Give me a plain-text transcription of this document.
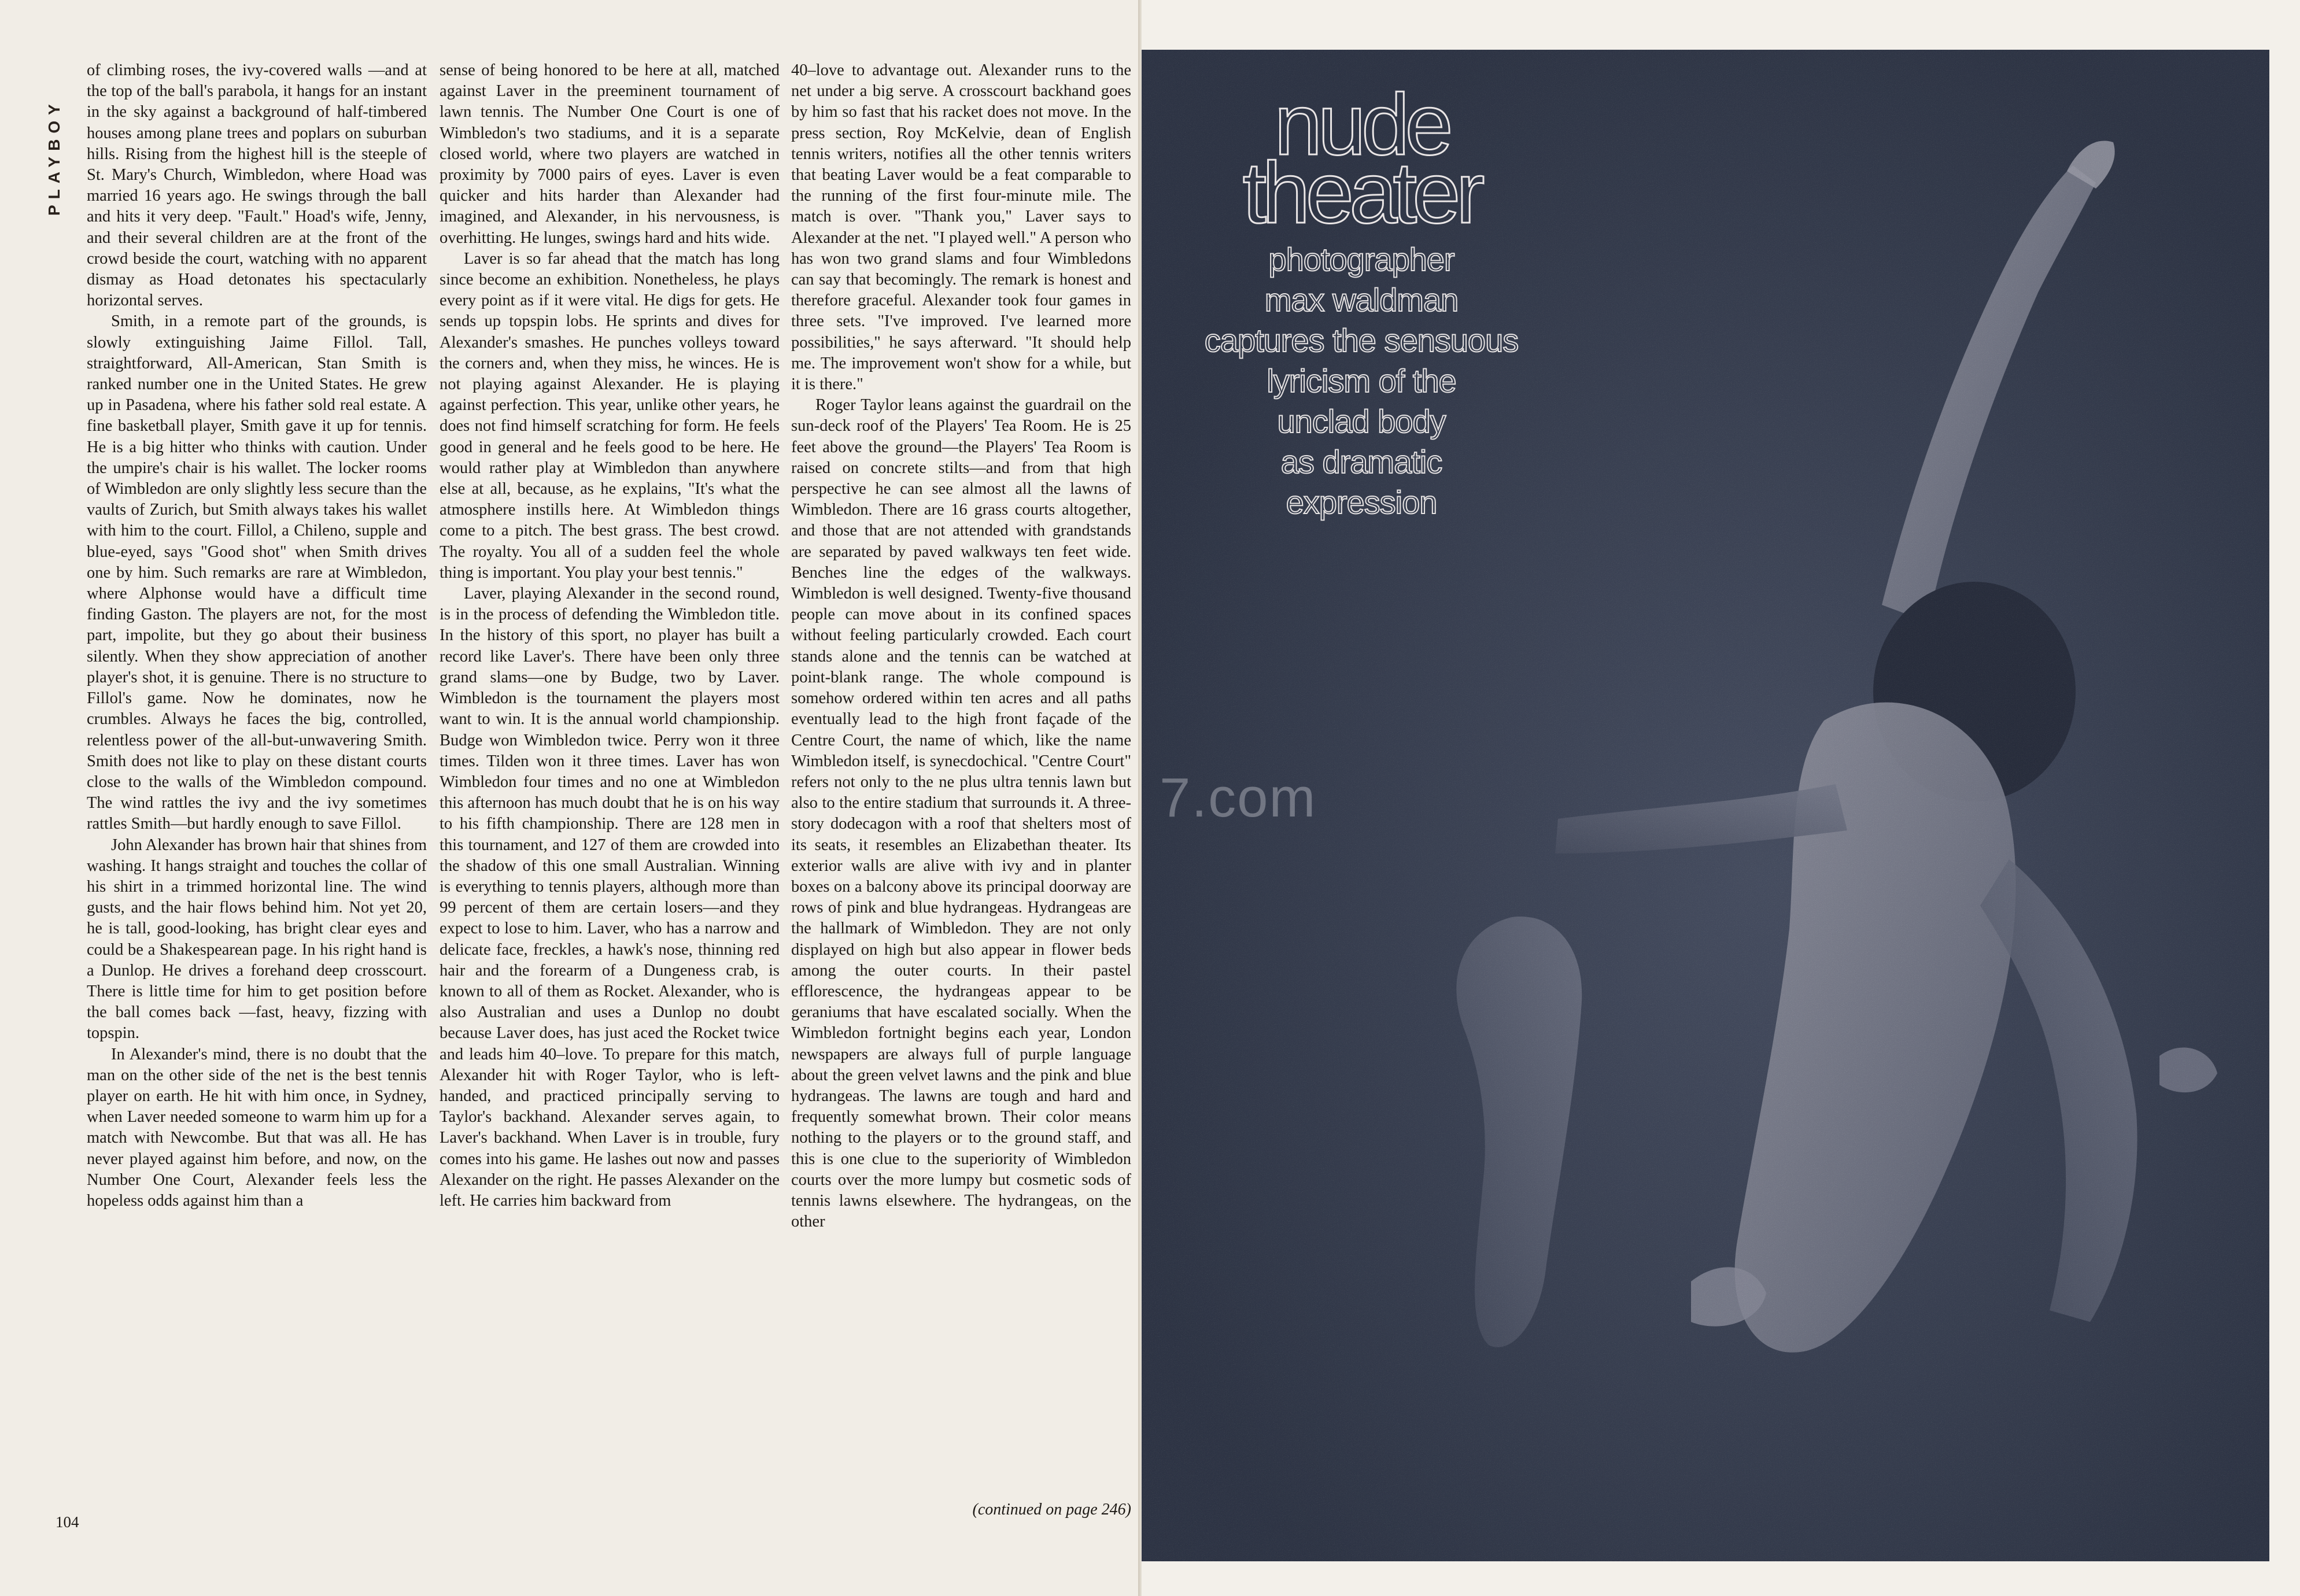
PLAYBOY

of climbing roses, the ivy-covered walls —and at the top of the ball's parabola, it hangs for an instant in the sky against a background of half-timbered houses among plane trees and poplars on suburban hills. Rising from the highest hill is the steeple of St. Mary's Church, Wimbledon, where Hoad was married 16 years ago. He swings through the ball and hits it very deep. "Fault." Hoad's wife, Jenny, and their several children are at the front of the crowd beside the court, watching with no apparent dismay as Hoad detonates his spectacularly horizontal serves.

Smith, in a remote part of the grounds, is slowly extinguishing Jaime Fillol. Tall, straightforward, All-American, Stan Smith is ranked number one in the United States. He grew up in Pasadena, where his father sold real estate. A fine basketball player, Smith gave it up for tennis. He is a big hitter who thinks with caution. Under the umpire's chair is his wallet. The locker rooms of Wimbledon are only slightly less secure than the vaults of Zurich, but Smith always takes his wallet with him to the court. Fillol, a Chileno, supple and blue-eyed, says "Good shot" when Smith drives one by him. Such remarks are rare at Wimbledon, where Alphonse would have a difficult time finding Gaston. The players are not, for the most part, impolite, but they go about their business silently. When they show appreciation of another player's shot, it is genuine. There is no structure to Fillol's game. Now he dominates, now he crumbles. Always he faces the big, controlled, relentless power of the all-but-unwavering Smith. Smith does not like to play on these distant courts close to the walls of the Wimbledon compound. The wind rattles the ivy and the ivy sometimes rattles Smith—but hardly enough to save Fillol.

John Alexander has brown hair that shines from washing. It hangs straight and touches the collar of his shirt in a trimmed horizontal line. The wind gusts, and the hair flows behind him. Not yet 20, he is tall, good-looking, has bright clear eyes and could be a Shakespearean page. In his right hand is a Dunlop. He drives a forehand deep crosscourt. There is little time for him to get position before the ball comes back —fast, heavy, fizzing with topspin.

In Alexander's mind, there is no doubt that the man on the other side of the net is the best tennis player on earth. He hit with him once, in Sydney, when Laver needed someone to warm him up for a match with Newcombe. But that was all. He has never played against him before, and now, on the Number One Court, Alexander feels less the hopeless odds against him than a

sense of being honored to be here at all, matched against Laver in the preeminent tournament of lawn tennis. The Number One Court is one of Wimbledon's two stadiums, and it is a separate closed world, where two players are watched in proximity by 7000 pairs of eyes. Laver is even quicker and hits harder than Alexander had imagined, and Alexander, in his nervousness, is overhitting. He lunges, swings hard and hits wide.

Laver is so far ahead that the match has long since become an exhibition. Nonetheless, he plays every point as if it were vital. He digs for gets. He sends up topspin lobs. He sprints and dives for Alexander's smashes. He punches volleys toward the corners and, when they miss, he winces. He is not playing against Alexander. He is playing against perfection. This year, unlike other years, he does not find himself scratching for form. He feels good in general and he feels good to be here. He would rather play at Wimbledon than anywhere else at all, because, as he explains, "It's what the atmosphere instills here. At Wimbledon things come to a pitch. The best grass. The best crowd. The royalty. You all of a sudden feel the whole thing is important. You play your best tennis."

Laver, playing Alexander in the second round, is in the process of defending the Wimbledon title. In the history of this sport, no player has built a record like Laver's. There have been only three grand slams—one by Budge, two by Laver. Wimbledon is the tournament the players most want to win. It is the annual world championship. Budge won Wimbledon twice. Perry won it three times. Tilden won it three times. Laver has won Wimbledon four times and no one at Wimbledon this afternoon has much doubt that he is on his way to his fifth championship. There are 128 men in this tournament, and 127 of them are crowded into the shadow of this one small Australian. Winning is everything to tennis players, although more than 99 percent of them are certain losers—and they expect to lose to him. Laver, who has a narrow and delicate face, freckles, a hawk's nose, thinning red hair and the forearm of a Dungeness crab, is known to all of them as Rocket. Alexander, who is also Australian and uses a Dunlop no doubt because Laver does, has just aced the Rocket twice and leads him 40–love. To prepare for this match, Alexander hit with Roger Taylor, who is left-handed, and practiced principally serving to Taylor's backhand. Alexander serves again, to Laver's backhand. When Laver is in trouble, fury comes into his game. He lashes out now and passes Alexander on the right. He passes Alexander on the left. He carries him backward from

40–love to advantage out. Alexander runs to the net under a big serve. A crosscourt backhand goes by him so fast that his racket does not move. In the press section, Roy McKelvie, dean of English tennis writers, notifies all the other tennis writers that beating Laver would be a feat comparable to the running of the first four-minute mile. The match is over. "Thank you," Laver says to Alexander at the net. "I played well." A person who has won two grand slams and four Wimbledons can say that becomingly. The remark is honest and therefore graceful. Alexander took four games in three sets. "I've improved. I've learned more possibilities," he says afterward. "It should help me. The improvement won't show for a while, but it is there."

Roger Taylor leans against the guardrail on the sun-deck roof of the Players' Tea Room. He is 25 feet above the ground—the Players' Tea Room is raised on concrete stilts—and from that high perspective he can see almost all the lawns of Wimbledon. There are 16 grass courts altogether, and those that are not attended with grandstands are separated by paved walkways ten feet wide. Benches line the edges of the walkways. Wimbledon is well designed. Twenty-five thousand people can move about in its confined spaces without feeling particularly crowded. Each court stands alone and the tennis can be watched at point-blank range. The whole compound is somehow ordered within ten acres and all paths eventually lead to the high front façade of the Centre Court, the name of which, like the name Wimbledon itself, is synecdochical. "Centre Court" refers not only to the ne plus ultra tennis lawn but also to the entire stadium that surrounds it. A three-story dodecagon with a roof that shelters most of its seats, it resembles an Elizabethan theater. Its exterior walls are alive with ivy and in planter boxes on a balcony above its principal doorway are rows of pink and blue hydrangeas. Hydrangeas are the hallmark of Wimbledon. They are not only displayed on high but also appear in flower beds among the outer courts. In their pastel efflorescence, the hydrangeas appear to be geraniums that have escalated socially. When the Wimbledon fortnight begins each year, London newspapers are always full of purple language about the green velvet lawns and the pink and blue hydrangeas. The lawns are tough and hard and frequently somewhat brown. Their color means nothing to the players or to the ground staff, and this is one clue to the superiority of Wimbledon courts over the more lumpy but cosmetic sods of tennis lawns elsewhere. The hydrangeas, on the other

(continued on page 246)
104
nude
theater
photographer
max waldman
captures the sensuous
lyricism of the
unclad body
as dramatic
expression
7.com
